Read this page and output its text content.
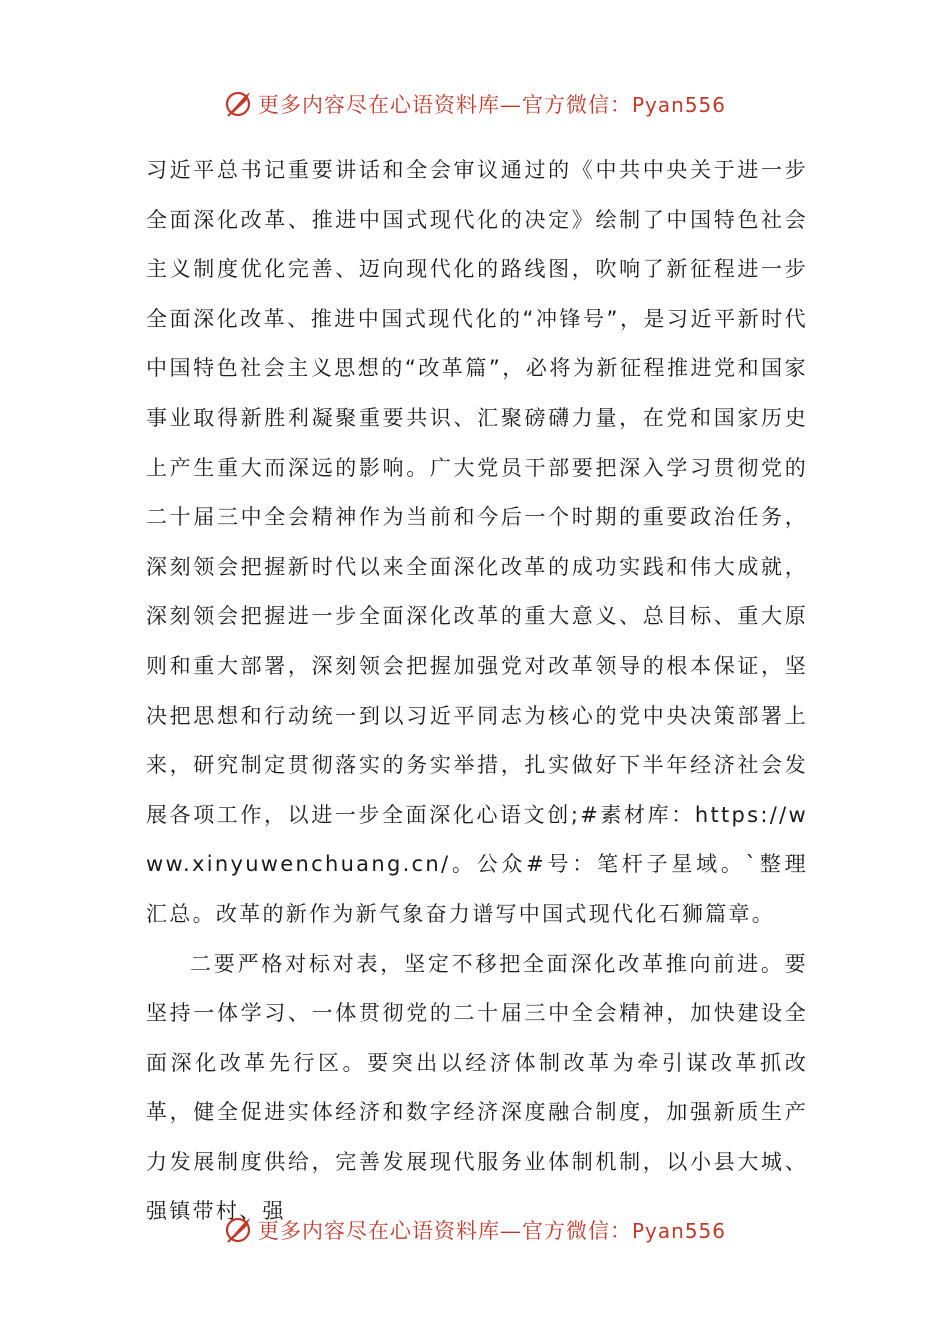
更多内容尽在心语资料库—官方微信：Pyan556

习近平总书记重要讲话和全会审议通过的《中共中央关于进一步全面深化改革、推进中国式现代化的决定》绘制了中国特色社会主义制度优化完善、迈向现代化的路线图，吹响了新征程进一步全面深化改革、推进中国式现代化的“冲锋号”，是习近平新时代中国特色社会主义思想的“改革篇”，必将为新征程推进党和国家事业取得新胜利凝聚重要共识、汇聚磅礴力量，在党和国家历史上产生重大而深远的影响。广大党员干部要把深入学习贯彻党的二十届三中全会精神作为当前和今后一个时期的重要政治任务，深刻领会把握新时代以来全面深化改革的成功实践和伟大成就，深刻领会把握进一步全面深化改革的重大意义、总目标、重大原则和重大部署，深刻领会把握加强党对改革领导的根本保证，坚决把思想和行动统一到以习近平同志为核心的党中央决策部署上来，研究制定贯彻落实的务实举措，扎实做好下半年经济社会发展各项工作，以进一步全面深化心语文创;#素材库：https://www.xinyuwenchuang.cn/。公众#号：笔杆子星域。`整理汇总。改革的新作为新气象奋力谱写中国式现代化石狮篇章。

二要严格对标对表，坚定不移把全面深化改革推向前进。要坚持一体学习、一体贯彻党的二十届三中全会精神，加快建设全面深化改革先行区。要突出以经济体制改革为牵引谋改革抓改革，健全促进实体经济和数字经济深度融合制度，加强新质生产力发展制度供给，完善发展现代服务业体制机制，以小县大城、强镇带村、强

更多内容尽在心语资料库—官方微信：Pyan556
